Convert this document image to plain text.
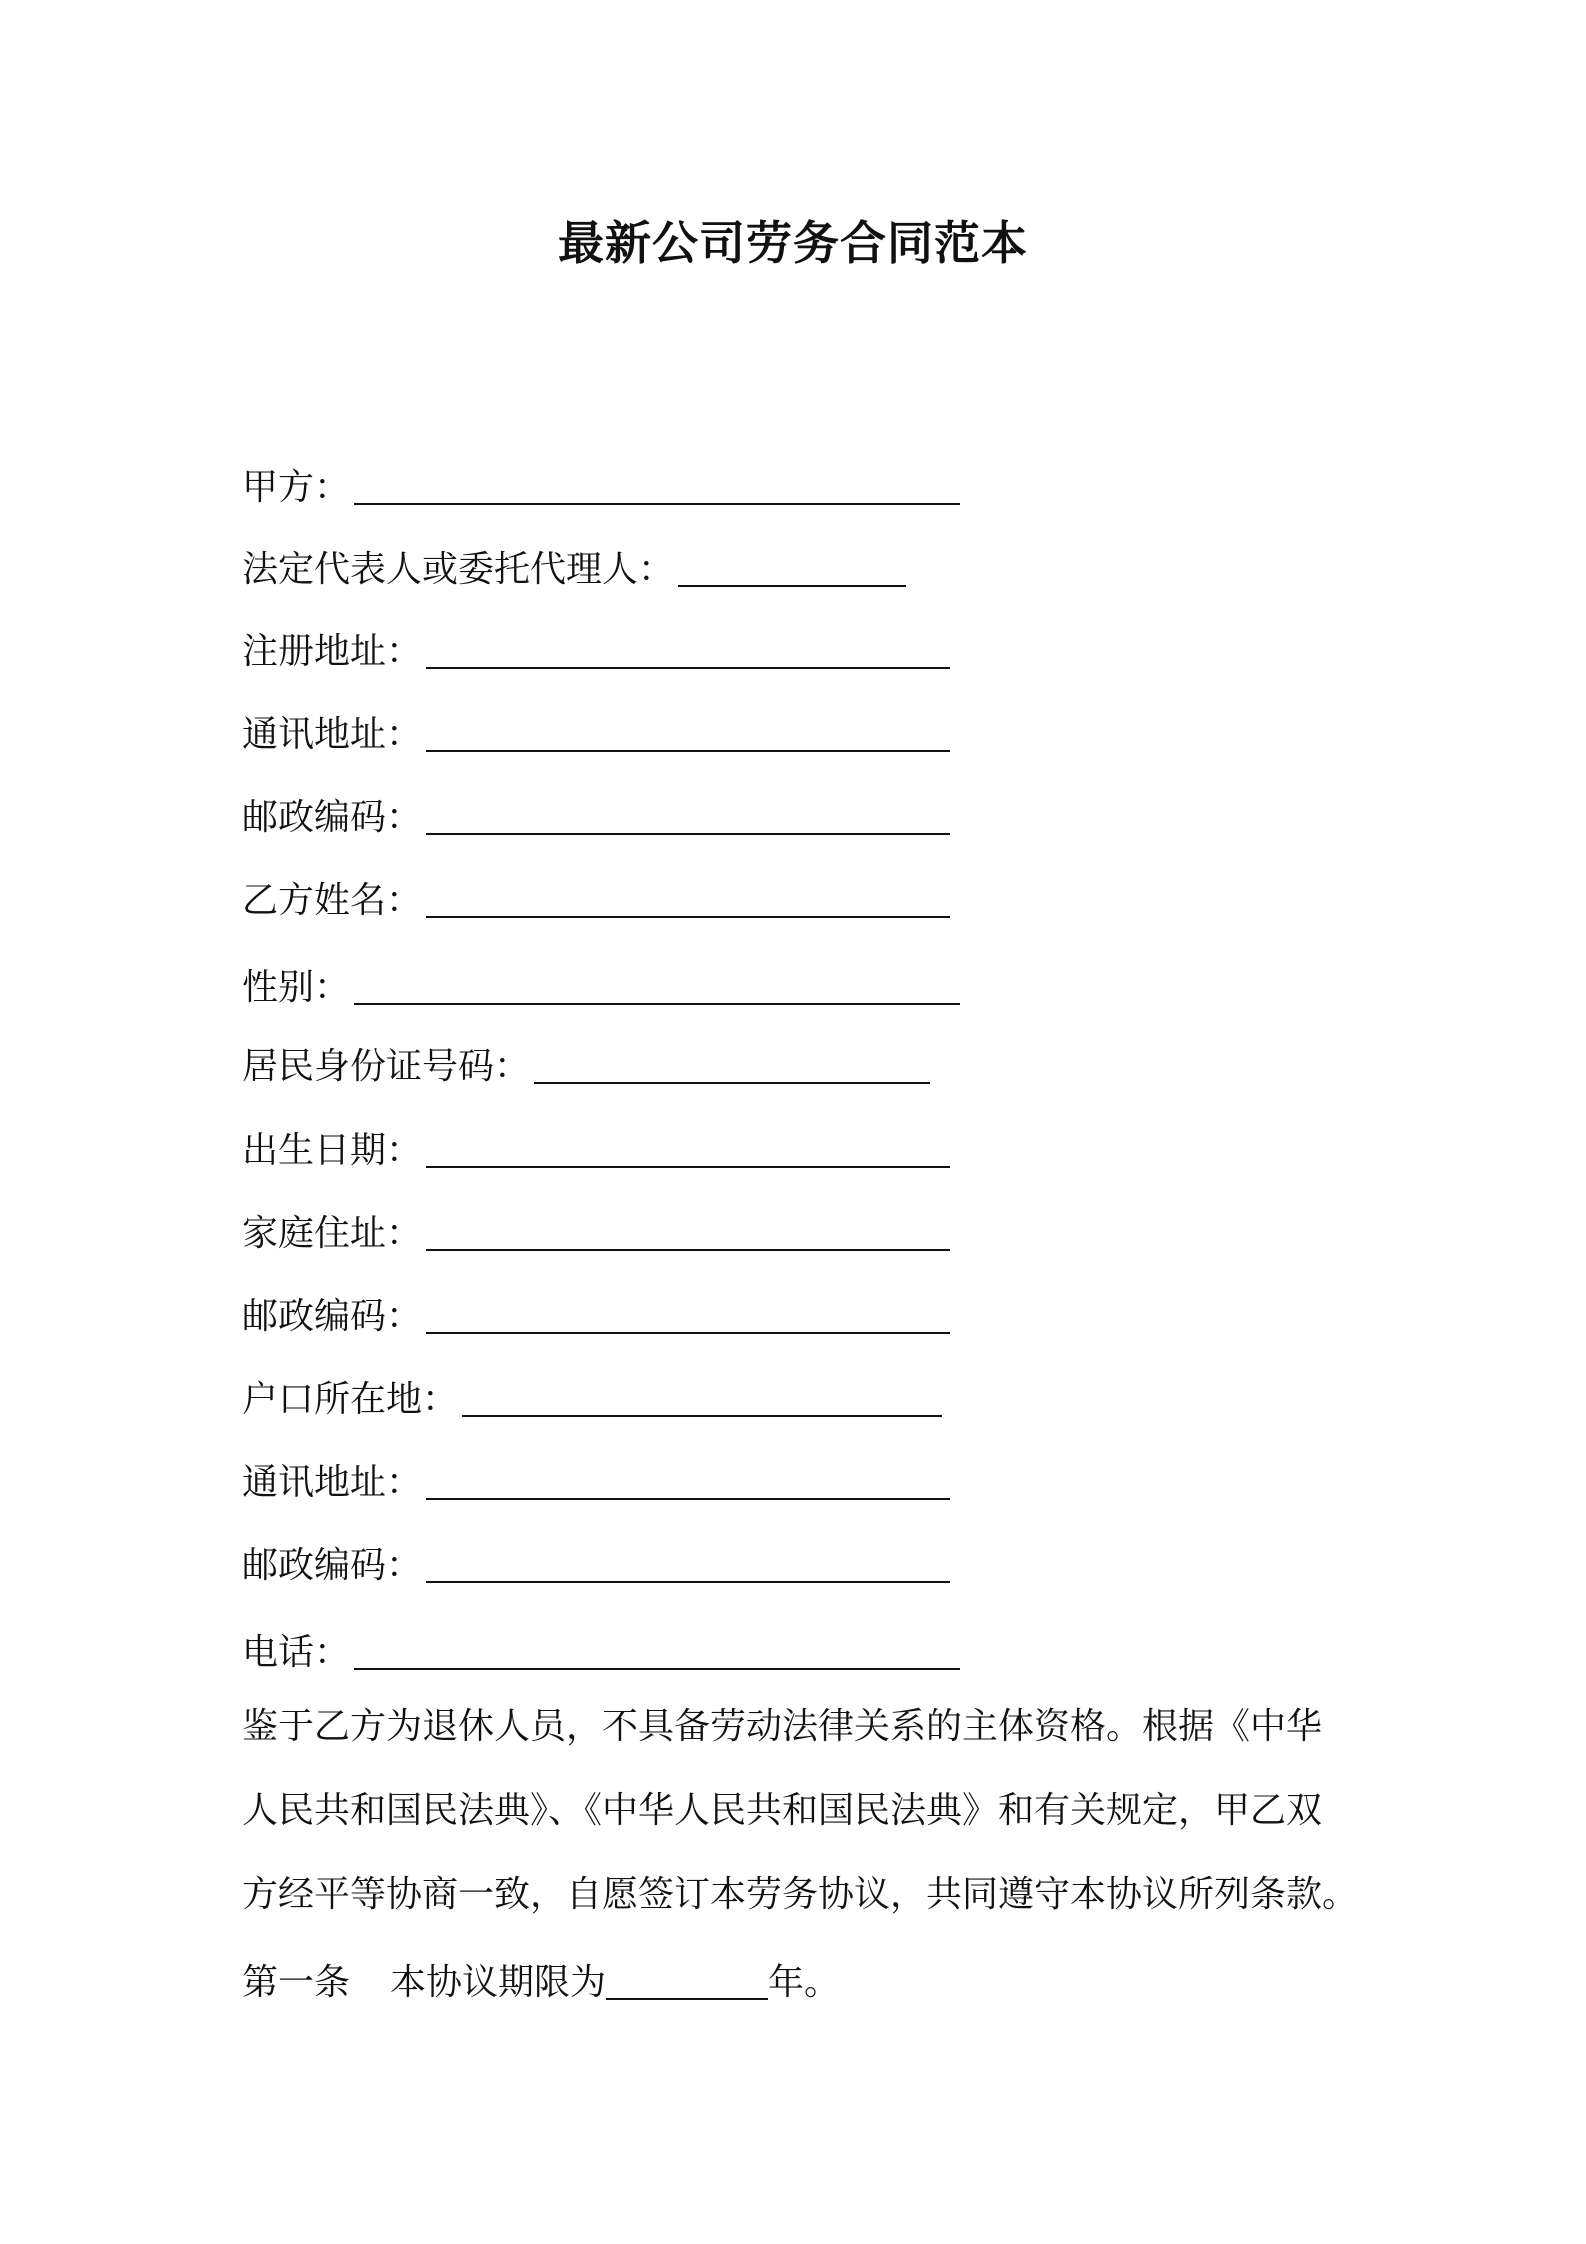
最新公司劳务合同范本
甲方：
法定代表人或委托代理人：
注册地址：
通讯地址：
邮政编码：
乙方姓名：
性别：
居民身份证号码：
出生日期：
家庭住址：
邮政编码：
户口所在地：
通讯地址：
邮政编码：
电话：
鉴于乙方为退休人员，不具备劳动法律关系的主体资格。根据《中华
人民共和国民法典》、《中华人民共和国民法典》和有关规定，甲乙双
方经平等协商一致，自愿签订本劳务协议，共同遵守本协议所列条款。
第一条 本协议期限为	年。
